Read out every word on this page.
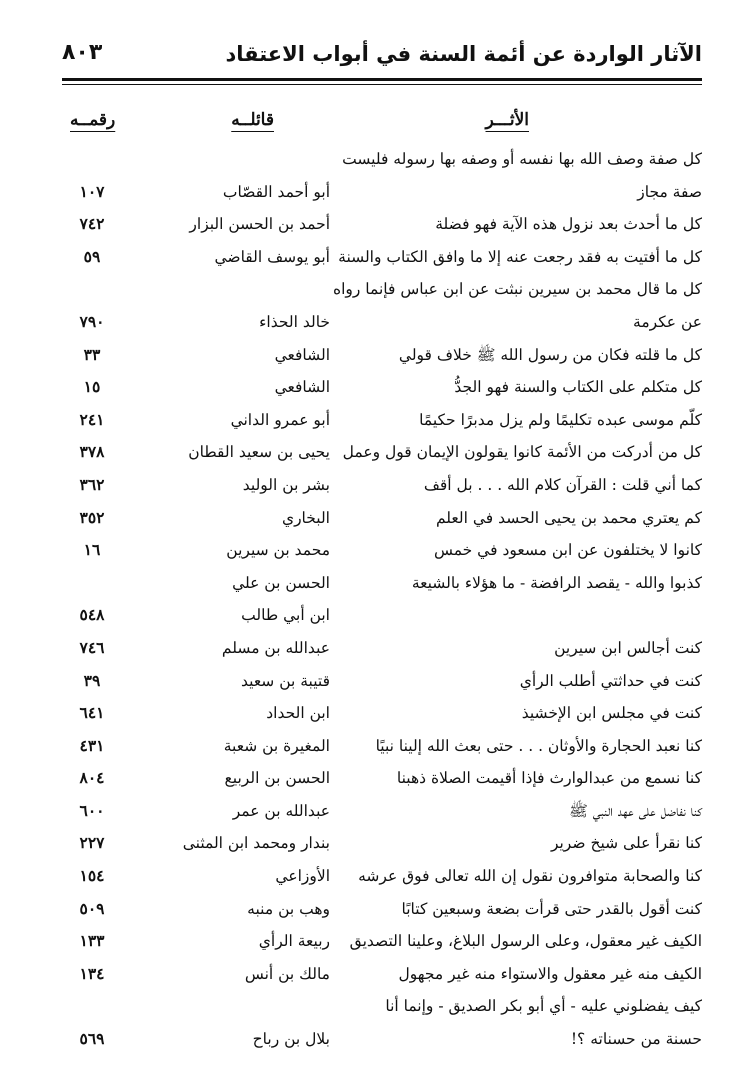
الآثار الواردة عن أئمة السنة في أبواب الاعتقاد
٨٠٣
الأثـــر
قائلــه
رقمــه
كل صفة وصف الله بها نفسه أو وصفه بها رسوله فليست
صفة مجاز
أبو أحمد القصّاب
١٠٧
كل ما أحدث بعد نزول هذه الآية فهو فضلة
أحمد بن الحسن البزار
٧٤٢
كل ما أفتيت به فقد رجعت عنه إلا ما وافق الكتاب والسنة
أبو يوسف القاضي
٥٩
كل ما قال محمد بن سيرين نبثت عن ابن عباس فإنما رواه
عن عكرمة
خالد الحذاء
٧٩٠
كل ما قلته فكان من رسول الله ﷺ خلاف قولي
الشافعي
٣٣
كل متكلم على الكتاب والسنة فهو الجدُّ
الشافعي
١٥
كلّم موسى عبده تكليمًا ولم يزل مدبرًا حكيمًا
أبو عمرو الداني
٢٤١
كل من أدركت من الأئمة كانوا يقولون الإيمان قول وعمل
يحيى بن سعيد القطان
٣٧٨
كما أني قلت : القرآن كلام الله . . . بل أقف
بشر بن الوليد
٣٦٢
كم يعتري محمد بن يحيى الحسد في العلم
البخاري
٣٥٢
كانوا لا يختلفون عن ابن مسعود في خمس
محمد بن سيرين
١٦
كذبوا والله - يقصد الرافضة - ما هؤلاء بالشيعة
الحسن بن علي
ابن أبي طالب
٥٤٨
كنت أجالس ابن سيرين
عبدالله بن مسلم
٧٤٦
كنت في حداثتي أطلب الرأي
قتيبة بن سعيد
٣٩
كنت في مجلس ابن الإخشيذ
ابن الحداد
٦٤١
كنا نعبد الحجارة والأوثان . . . حتى بعث الله إلينا نبيًا
المغيرة بن شعبة
٤٣١
كنا نسمع من عبدالوارث فإذا أقيمت الصلاة ذهبنا
الحسن بن الربيع
٨٠٤
كنا نفاضل على عهد النبي ﷺ
عبدالله بن عمر
٦٠٠
كنا نقرأ على شيخ ضرير
بندار ومحمد ابن المثنى
٢٢٧
كنا والصحابة متوافرون نقول إن الله تعالى فوق عرشه
الأوزاعي
١٥٤
كنت أقول بالقدر حتى قرأت بضعة وسبعين كتابًا
وهب بن منبه
٥٠٩
الكيف غير معقول، وعلى الرسول البلاغ، وعلينا التصديق
ربيعة الرأي
١٣٣
الكيف منه غير معقول والاستواء منه غير مجهول
مالك بن أنس
١٣٤
كيف يفضلوني عليه - أي أبو بكر الصديق - وإنما أنا
حسنة من حسناته ؟!
بلال بن رباح
٥٦٩
